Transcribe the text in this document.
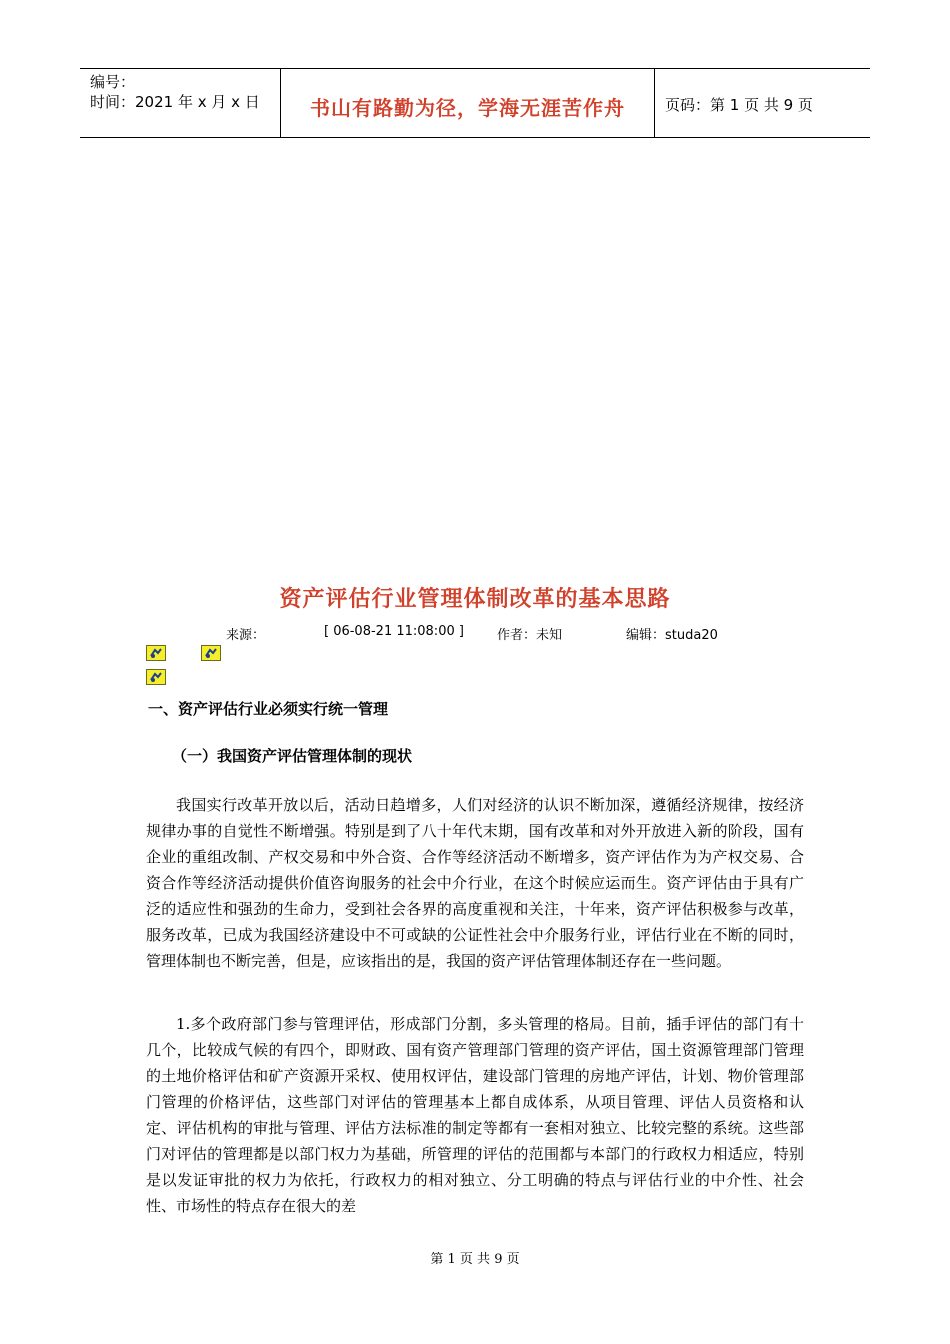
编号：
时间：2021 年 x 月 x 日	书山有路勤为径，学海无涯苦作舟	页码：第 1 页 共 9 页
资产评估行业管理体制改革的基本思路
来源：	[ 06-08-21 11:08:00 ]	作者：未知	编辑：studa20
一、资产评估行业必须实行统一管理
（一）我国资产评估管理体制的现状

我国实行改革开放以后，活动日趋增多，人们对经济的认识不断加深，遵循经济规律，按经济规律办事的自觉性不断增强。特别是到了八十年代末期，国有改革和对外开放进入新的阶段，国有企业的重组改制、产权交易和中外合资、合作等经济活动不断增多，资产评估作为为产权交易、合资合作等经济活动提供价值咨询服务的社会中介行业，在这个时候应运而生。资产评估由于具有广泛的适应性和强劲的生命力，受到社会各界的高度重视和关注，十年来，资产评估积极参与改革，服务改革，已成为我国经济建设中不可或缺的公证性社会中介服务行业，评估行业在不断的同时，管理体制也不断完善，但是，应该指出的是，我国的资产评估管理体制还存在一些问题。

1.多个政府部门参与管理评估，形成部门分割，多头管理的格局。目前，插手评估的部门有十几个，比较成气候的有四个，即财政、国有资产管理部门管理的资产评估，国土资源管理部门管理的土地价格评估和矿产资源开采权、使用权评估，建设部门管理的房地产评估，计划、物价管理部门管理的价格评估，这些部门对评估的管理基本上都自成体系，从项目管理、评估人员资格和认定、评估机构的审批与管理、评估方法标准的制定等都有一套相对独立、比较完整的系统。这些部门对评估的管理都是以部门权力为基础，所管理的评估的范围都与本部门的行政权力相适应，特别是以发证审批的权力为依托，行政权力的相对独立、分工明确的特点与评估行业的中介性、社会性、市场性的特点存在很大的差

第 1 页 共 9 页
